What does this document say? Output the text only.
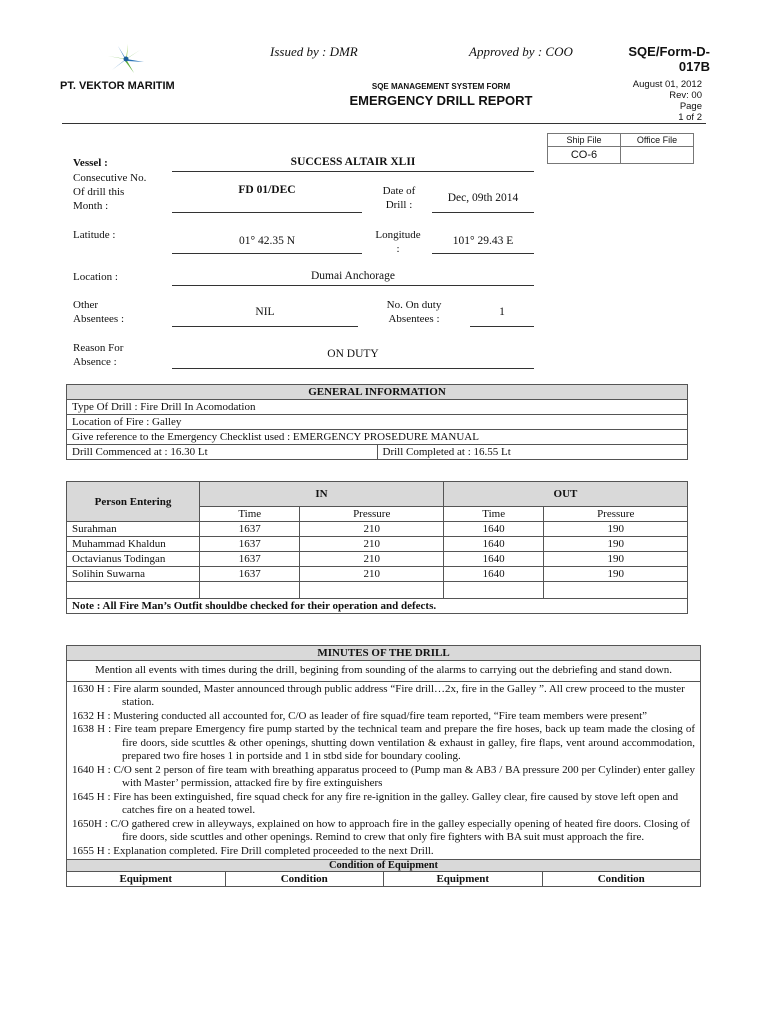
PT. VEKTOR MARITIM
Issued by : DMR	Approved by : COO	SQE/Form-D-
017B
SQE MANAGEMENT SYSTEM FORM
EMERGENCY DRILL REPORT
August 01, 2012
Rev: 00
Page
1 of 2
Ship File	Office File
CO-6	
Vessel :	SUCCESS ALTAIR XLII
Consecutive No.
Of drill this
Month :
FD 01/DEC	Date of
Drill :
Dec, 09th 2014
Latitude :	01° 42.35 N	Longitude
:
101° 29.43 E
Location :	Dumai Anchorage
Other
Absentees :
NIL
No. On duty
Absentees :
1
Reason For
Absence :
ON DUTY
GENERAL INFORMATION
Type Of Drill : Fire Drill In Acomodation
Location of Fire : Galley
Give reference to the Emergency Checklist used : EMERGENCY PROSEDURE MANUAL
Drill Commenced at : 16.30 Lt	Drill Completed at : 16.55 Lt
Person Entering	IN		OUT	
	Time	Pressure	Time	Pressure
Surahman	1637	210	1640	190
Muhammad Khaldun	1637	210	1640	190
Octavianus Todingan	1637	210	1640	190
Solihin Suwarna	1637	210	1640	190

Note : All Fire Man’s Outfit shouldbe checked for their operation and defects.				
MINUTES OF THE DRILL

Mention all events with times during the drill, begining from sounding of the alarms to carrying out the debriefing and stand down.

1630 H : Fire alarm sounded, Master announced through public address “Fire drill…2x, fire in the Galley ”. All crew proceed to the muster station.

1632 H : Mustering conducted all accounted for, C/O as leader of fire squad/fire team reported, “Fire team members were present”

1638 H : Fire team prepare Emergency fire pump started by the technical team and prepare the fire hoses, back up team made the closing of fire doors, side scuttles & other openings, shutting down ventilation & exhaust in galley, fire flaps, vent around accommodation, prepared two fire hoses 1 in portside and 1 in stbd side for boundary cooling.

1640 H : C/O sent 2 person of fire team with breathing apparatus proceed to (Pump man & AB3 / BA pressure 200 per Cylinder) enter galley with Master’ permission, attacked fire by fire extinguishers

1645 H : Fire has been extinguished, fire squad check for any fire re-ignition in the galley. Galley clear, fire caused by stove left open and catches fire on a heated towel.

1650H : C/O gathered crew in alleyways, explained on how to approach fire in the galley especially opening of heated fire doors. Closing of fire doors, side scuttles and other openings. Remind to crew that only fire fighters with BA suit must approach the fire.

1655 H : Explanation completed. Fire Drill completed proceeded to the next Drill.

Condition of Equipment
Equipment	Condition	Equipment	Condition
